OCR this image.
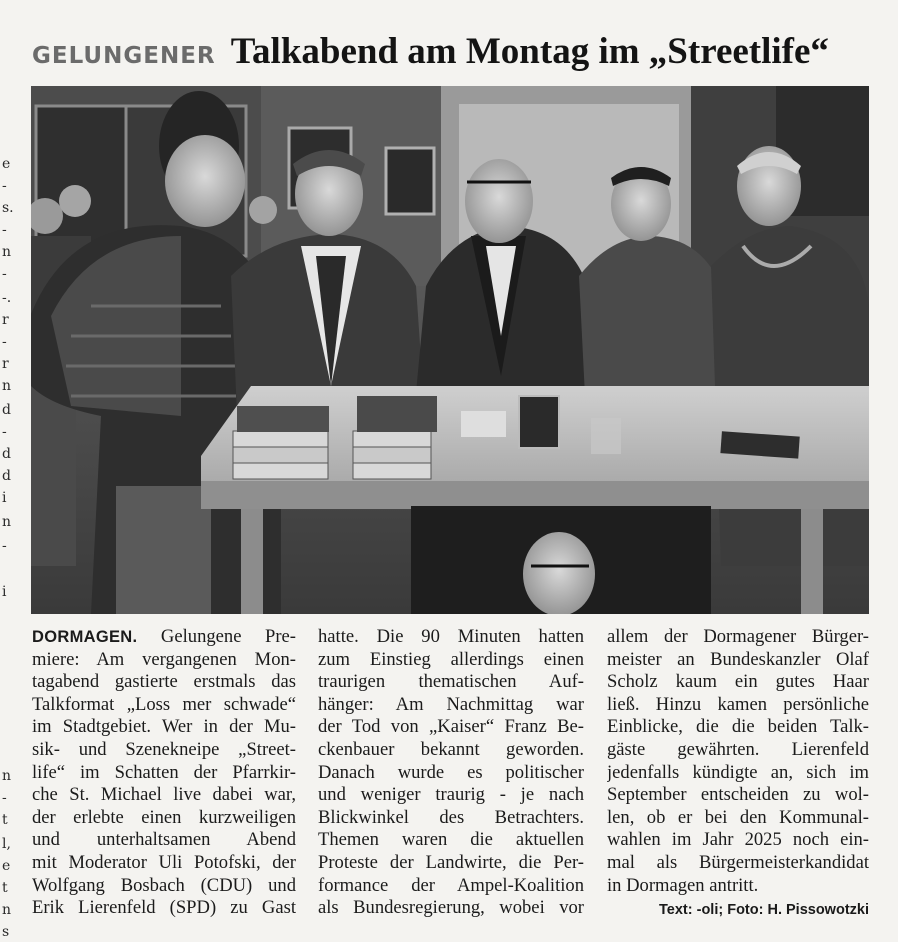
e
-
s.
-
n
-
-.
r
-
r
n
d
-
d
d
i
n
-
i
n
-
t
l,
e
t
n
s
GELUNGENER Talkabend am Montag im „Streetlife“
DORMAGEN. Gelungene Pre-
miere: Am vergangenen Mon-
tagabend gastierte erstmals das
Talkformat „Loss mer schwade“
im Stadtgebiet. Wer in der Mu-
sik- und Szenekneipe „Street-
life“ im Schatten der Pfarrkir-
che St. Michael live dabei war,
der erlebte einen kurzweiligen
und unterhaltsamen Abend
mit Moderator Uli Potofski, der
Wolfgang Bosbach (CDU) und
Erik Lierenfeld (SPD) zu Gast
hatte. Die 90 Minuten hatten
zum Einstieg allerdings einen
traurigen thematischen Auf-
hänger: Am Nachmittag war
der Tod von „Kaiser“ Franz Be-
ckenbauer bekannt geworden.
Danach wurde es politischer
und weniger traurig - je nach
Blickwinkel des Betrachters.
Themen waren die aktuellen
Proteste der Landwirte, die Per-
formance der Ampel-Koalition
als Bundesregierung, wobei vor
allem der Dormagener Bürger-
meister an Bundeskanzler Olaf
Scholz kaum ein gutes Haar
ließ. Hinzu kamen persönliche
Einblicke, die die beiden Talk-
gäste gewährten. Lierenfeld
jedenfalls kündigte an, sich im
September entscheiden zu wol-
len, ob er bei den Kommunal-
wahlen im Jahr 2025 noch ein-
mal als Bürgermeisterkandidat
in Dormagen antritt.
Text: -oli; Foto: H. Pissowotzki
